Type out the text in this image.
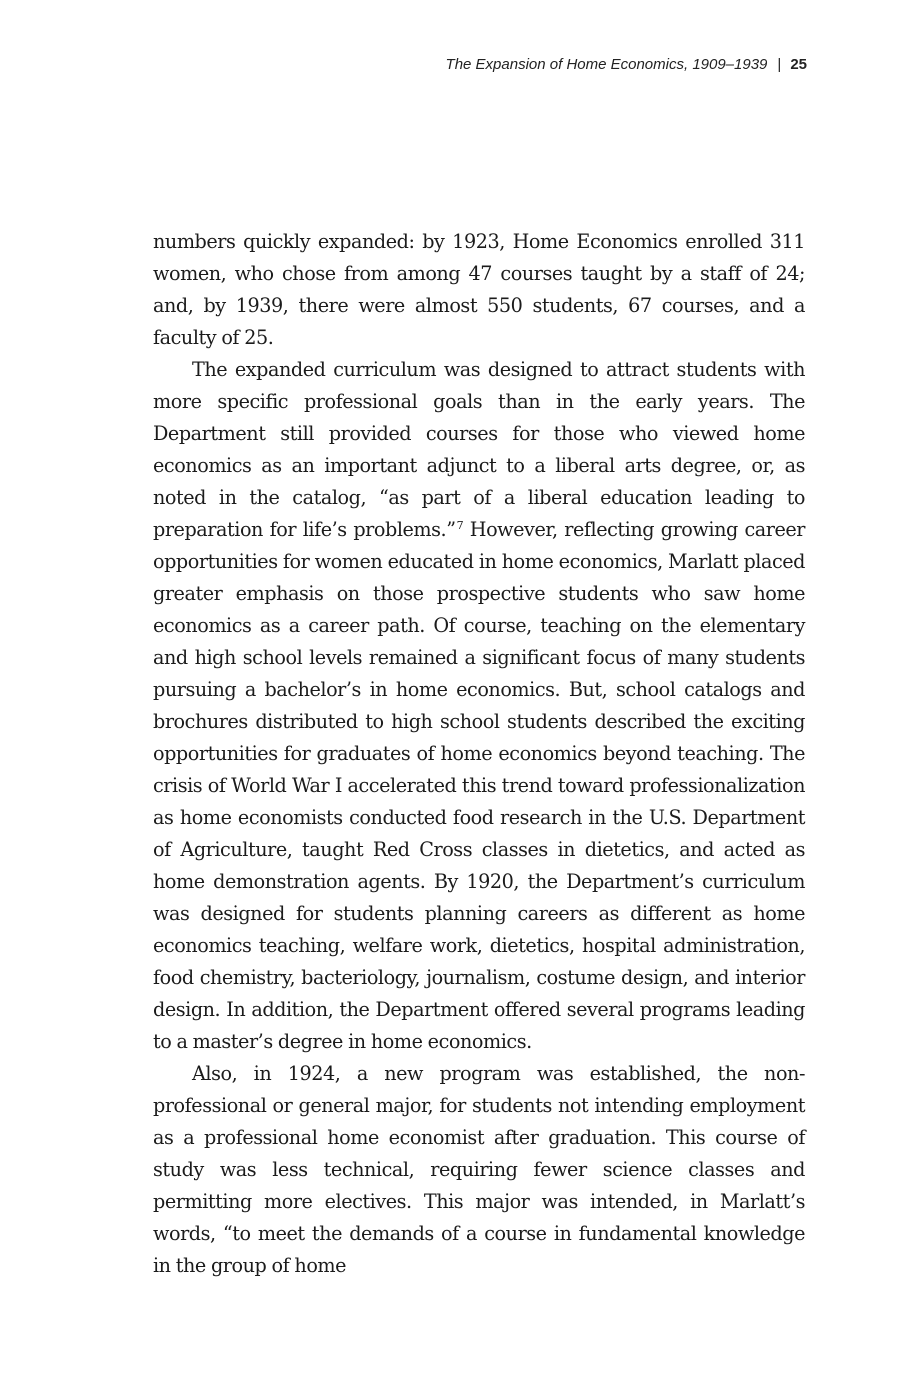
The Expansion of Home Economics, 1909–1939 | 25

numbers quickly expanded: by 1923, Home Economics enrolled 311 women, who chose from among 47 courses taught by a staff of 24; and, by 1939, there were almost 550 students, 67 courses, and a faculty of 25.

The expanded curriculum was designed to attract students with more specific professional goals than in the early years. The Department still provided courses for those who viewed home economics as an important adjunct to a liberal arts degree, or, as noted in the catalog, “as part of a liberal education leading to preparation for life’s problems.”$^7$ However, reflecting growing career opportunities for women educated in home economics, Marlatt placed greater emphasis on those prospective students who saw home economics as a career path. Of course, teaching on the elementary and high school levels remained a significant focus of many students pursuing a bachelor’s in home economics. But, school catalogs and brochures distributed to high school students described the exciting opportunities for graduates of home economics beyond teaching. The crisis of World War I accelerated this trend toward professionalization as home economists conducted food research in the U.S. Department of Agriculture, taught Red Cross classes in dietetics, and acted as home demonstration agents. By 1920, the Department’s curriculum was designed for students planning careers as different as home economics teaching, welfare work, dietetics, hospital administration, food chemistry, bacteriology, journalism, costume design, and interior design. In addition, the Department offered several programs leading to a master’s degree in home economics.

Also, in 1924, a new program was established, the non-professional or general major, for students not intending employment as a professional home economist after graduation. This course of study was less technical, requiring fewer science classes and permitting more electives. This major was intended, in Marlatt’s words, “to meet the demands of a course in fundamental knowledge in the group of home
